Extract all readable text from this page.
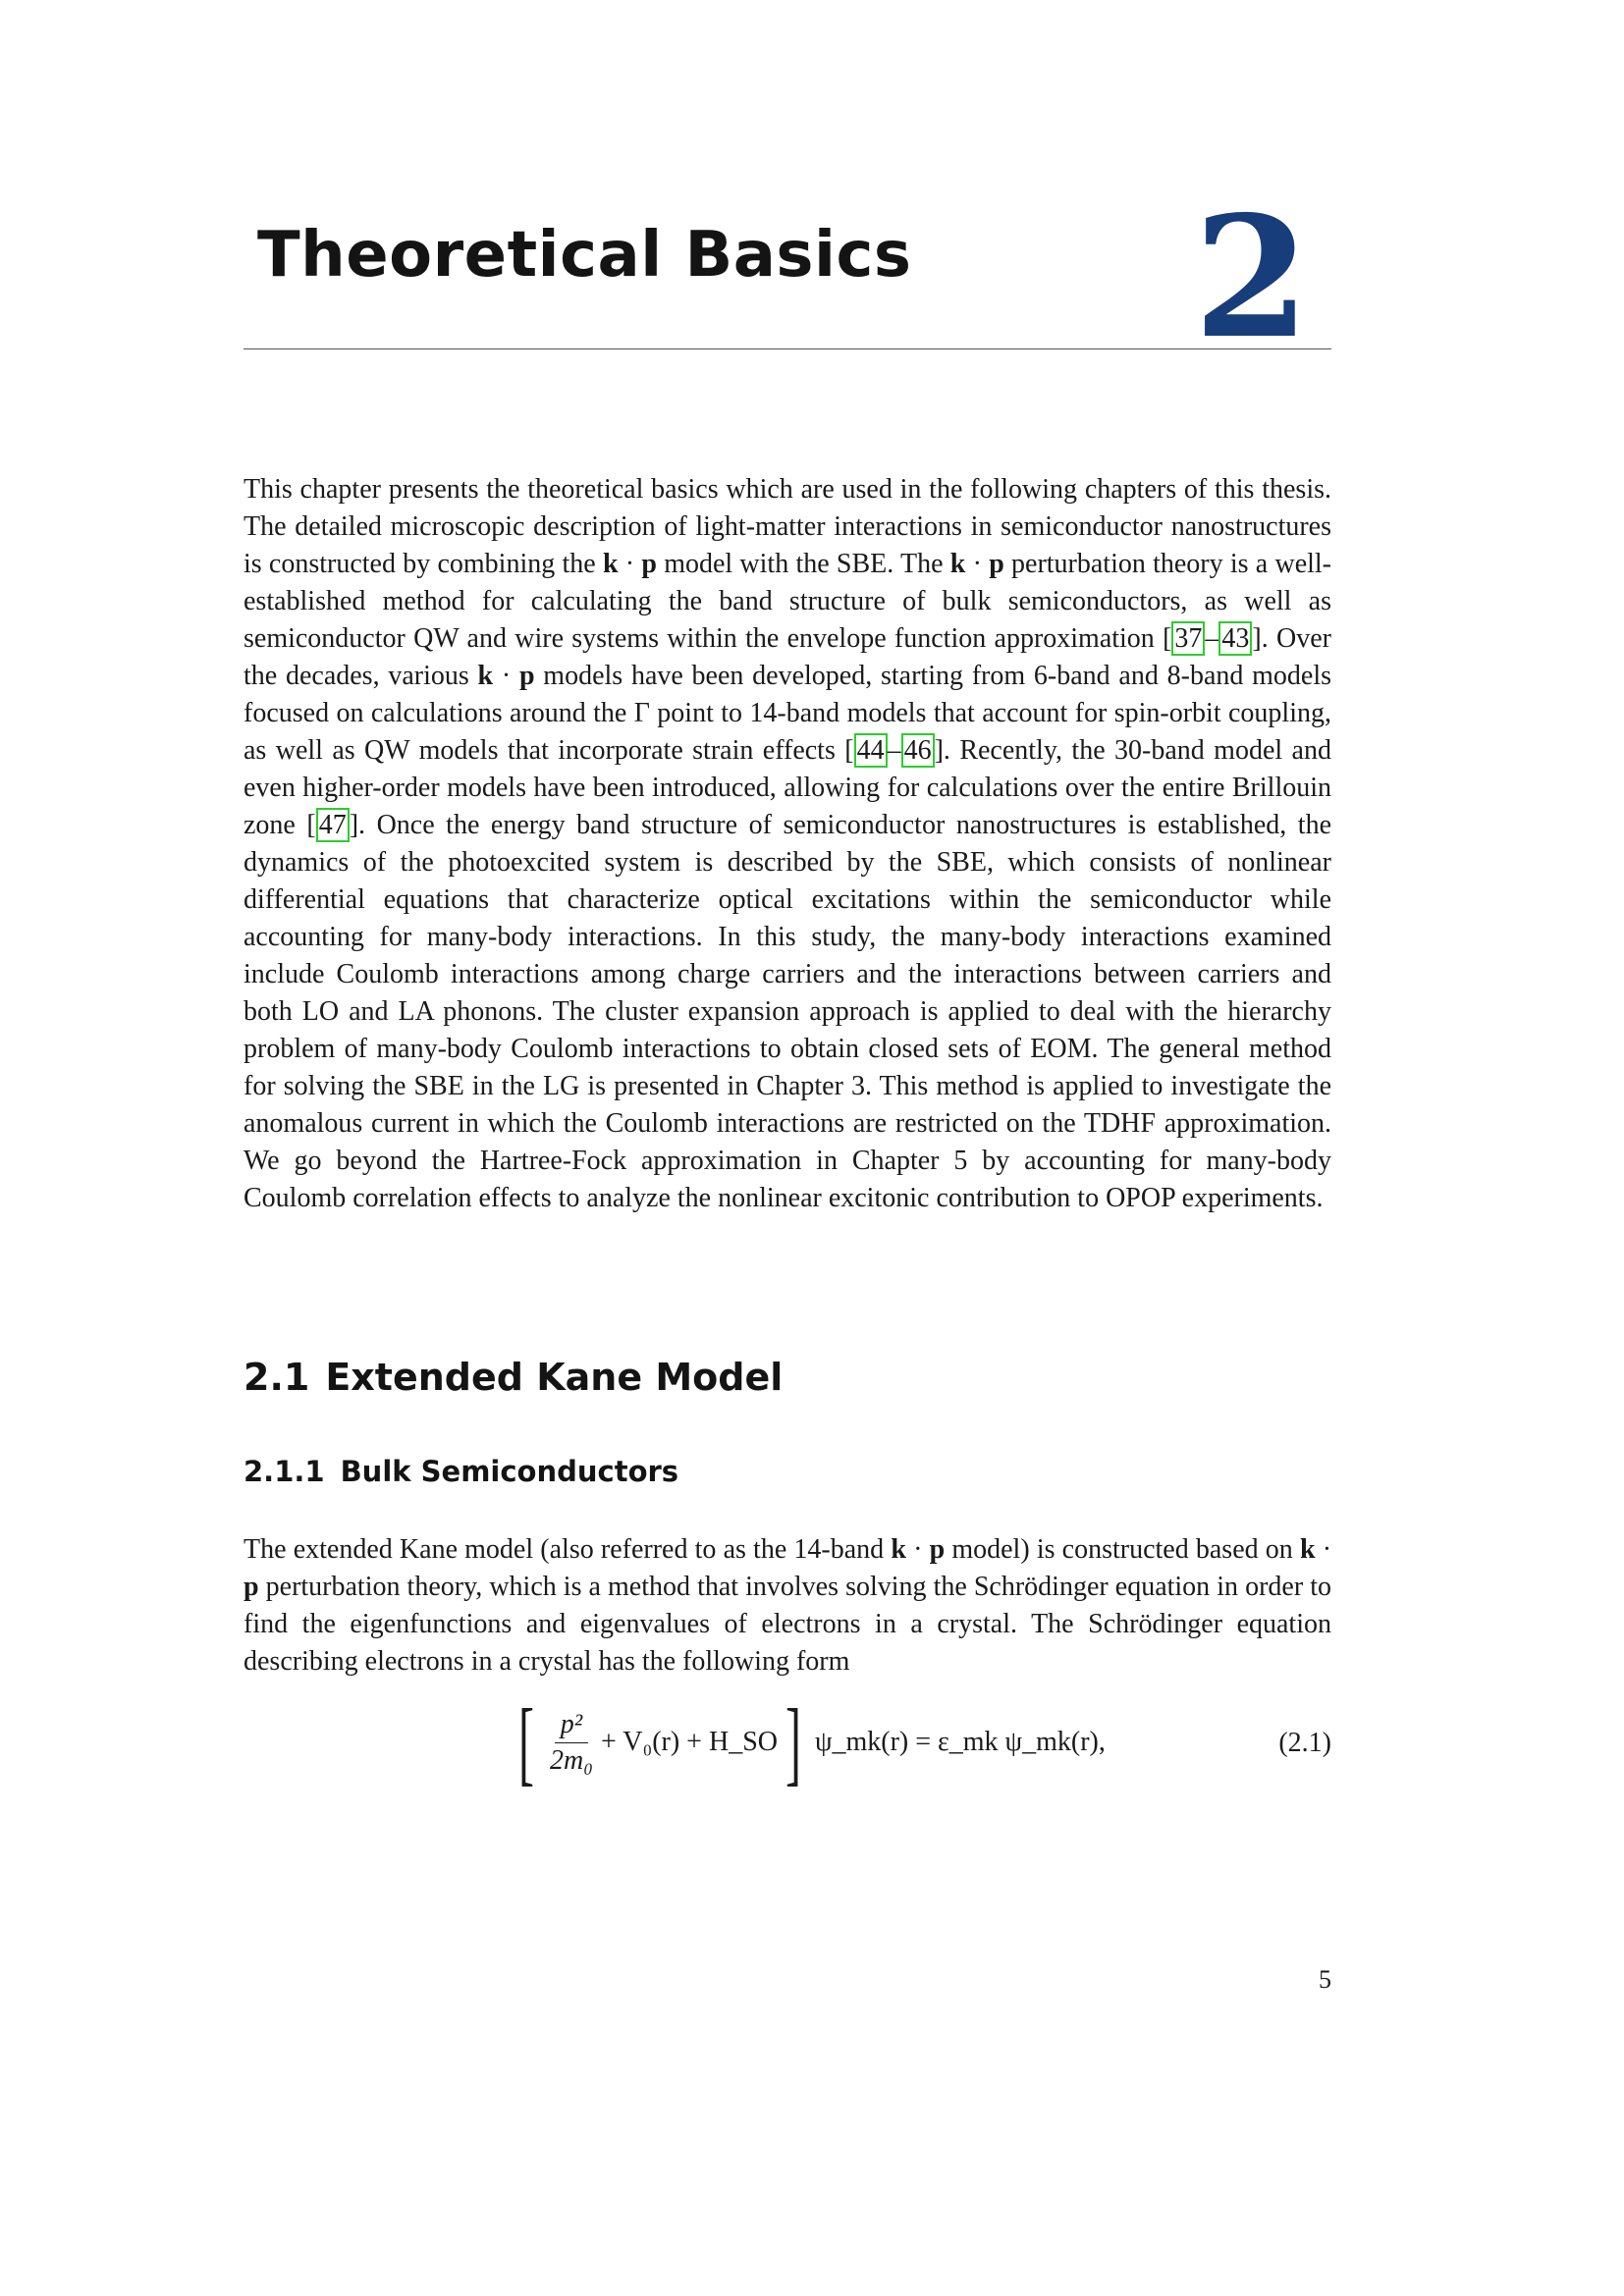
Theoretical Basics 2

This chapter presents the theoretical basics which are used in the following chapters of this thesis. The detailed microscopic description of light-matter interactions in semiconductor nanostructures is constructed by combining the k · p model with the SBE. The k · p perturbation theory is a well-established method for calculating the band structure of bulk semiconductors, as well as semiconductor QW and wire systems within the envelope function approximation [ 37 – 43 ]. Over the decades, various k · p models have been developed, starting from 6-band and 8-band models focused on calculations around the Γ point to 14-band models that account for spin-orbit coupling, as well as QW models that incorporate strain effects [ 44 – 46 ]. Recently, the 30-band model and even higher-order models have been introduced, allowing for calculations over the entire Brillouin zone [ 47 ]. Once the energy band structure of semiconductor nanostructures is established, the dynamics of the photoexcited system is described by the SBE, which consists of nonlinear differential equations that characterize optical excitations within the semiconductor while accounting for many-body interactions. In this study, the many-body interactions examined include Coulomb interactions among charge carriers and the interactions between carriers and both LO and LA phonons. The cluster expansion approach is applied to deal with the hierarchy problem of many-body Coulomb interactions to obtain closed sets of EOM. The general method for solving the SBE in the LG is presented in Chapter 3. This method is applied to investigate the anomalous current in which the Coulomb interactions are restricted on the TDHF approximation. We go beyond the Hartree-Fock approximation in Chapter 5 by accounting for many-body Coulomb correlation effects to analyze the nonlinear excitonic contribution to OPOP experiments.

2.1 Extended Kane Model
2.1.1 Bulk Semiconductors

The extended Kane model (also referred to as the 14-band k · p model) is constructed based on k · p perturbation theory, which is a method that involves solving the Schrödinger equation in order to find the eigenfunctions and eigenvalues of electrons in a crystal. The Schrödinger equation describing electrons in a crystal has the following form

[ $\frac{\text{p²}}{\text{2m₀}} + V_0(r)$ + H_SO ] ψ_mk(r) = ε_mk ψ_mk(r),	(2.1)
5
